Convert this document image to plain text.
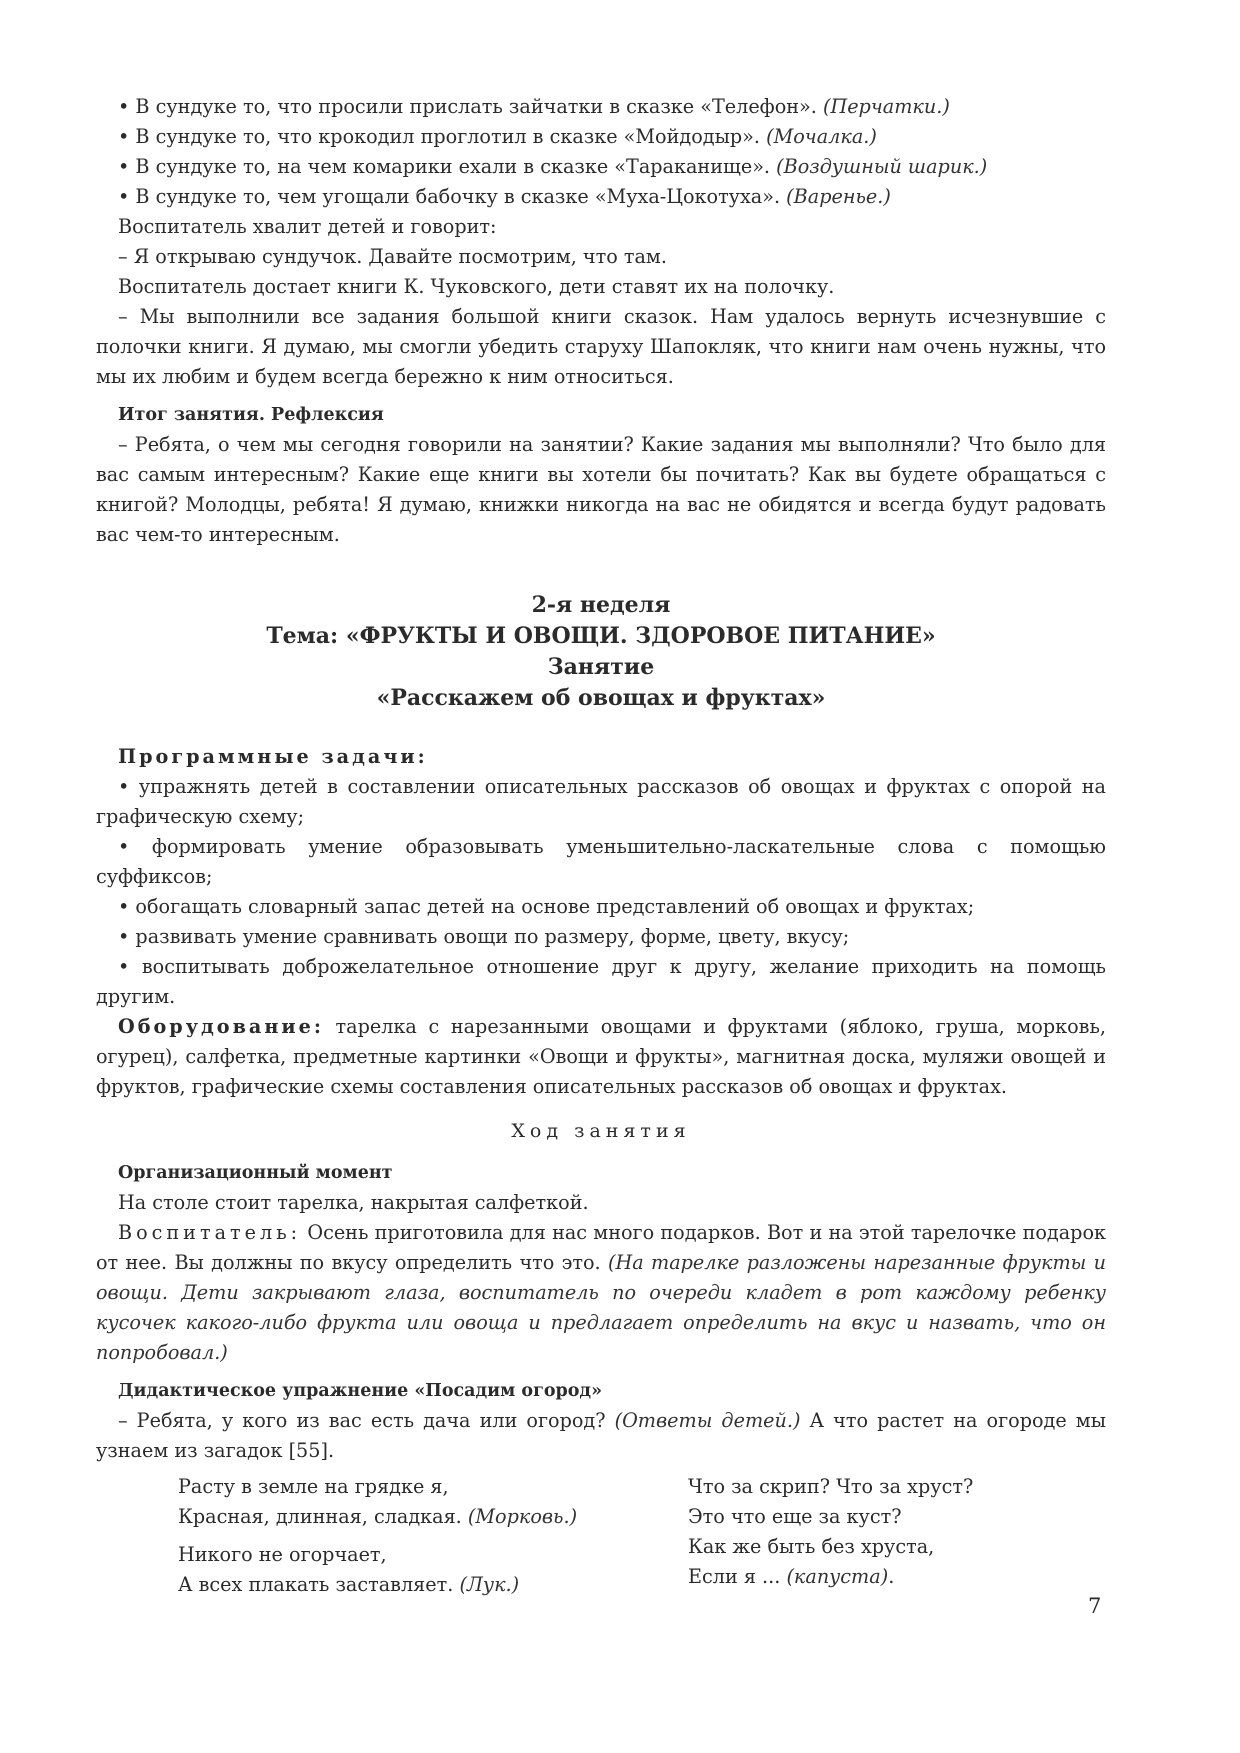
• В сундуке то, что просили прислать зайчатки в сказке «Телефон». (Перчатки.)

• В сундуке то, что крокодил проглотил в сказке «Мойдодыр». (Мочалка.)

• В сундуке то, на чем комарики ехали в сказке «Тараканище». (Воздушный шарик.)

• В сундуке то, чем угощали бабочку в сказке «Муха-Цокотуха». (Варенье.)

Воспитатель хвалит детей и говорит:

– Я открываю сундучок. Давайте посмотрим, что там.

Воспитатель достает книги К. Чуковского, дети ставят их на полочку.

– Мы выполнили все задания большой книги сказок. Нам удалось вернуть исчезнувшие с полочки книги. Я думаю, мы смогли убедить старуху Шапокляк, что книги нам очень нужны, что мы их любим и будем всегда бережно к ним относиться.

Итог занятия. Рефлексия

– Ребята, о чем мы сегодня говорили на занятии? Какие задания мы выполняли? Что было для вас самым интересным? Какие еще книги вы хотели бы почитать? Как вы будете обращаться с книгой? Молодцы, ребята! Я думаю, книжки никогда на вас не обидятся и всегда будут радовать вас чем-то интересным.

2-я неделя
Тема: «ФРУКТЫ И ОВОЩИ. ЗДОРОВОЕ ПИТАНИЕ»
Занятие
«Расскажем об овощах и фруктах»

Программные задачи:

• упражнять детей в составлении описательных рассказов об овощах и фруктах с опорой на графическую схему;

• формировать умение образовывать уменьшительно-ласкательные слова с помощью суффиксов;

• обогащать словарный запас детей на основе представлений об овощах и фруктах;

• развивать умение сравнивать овощи по размеру, форме, цвету, вкусу;

• воспитывать доброжелательное отношение друг к другу, желание приходить на помощь другим.

Оборудование: тарелка с нарезанными овощами и фруктами (яблоко, груша, морковь, огурец), салфетка, предметные картинки «Овощи и фрукты», магнитная доска, муляжи овощей и фруктов, графические схемы составления описательных рассказов об овощах и фруктах.

Ход занятия

Организационный момент

На столе стоит тарелка, накрытая салфеткой.

Воспитатель: Осень приготовила для нас много подарков. Вот и на этой тарелочке подарок от нее. Вы должны по вкусу определить что это. (На тарелке разложены нарезанные фрукты и овощи. Дети закрывают глаза, воспитатель по очереди кладет в рот каждому ребенку кусочек какого-либо фрукта или овоща и предлагает определить на вкус и назвать, что он попробовал.)

Дидактическое упражнение «Посадим огород»

– Ребята, у кого из вас есть дача или огород? (Ответы детей.) А что растет на огороде мы узнаем из загадок [55].

Расту в земле на грядке я,
Красная, длинная, сладкая. (Морковь.)
Никого не огорчает,
А всех плакать заставляет. (Лук.)
Что за скрип? Что за хруст?
Это что еще за куст?
Как же быть без хруста,
Если я ... (капуста).
7
